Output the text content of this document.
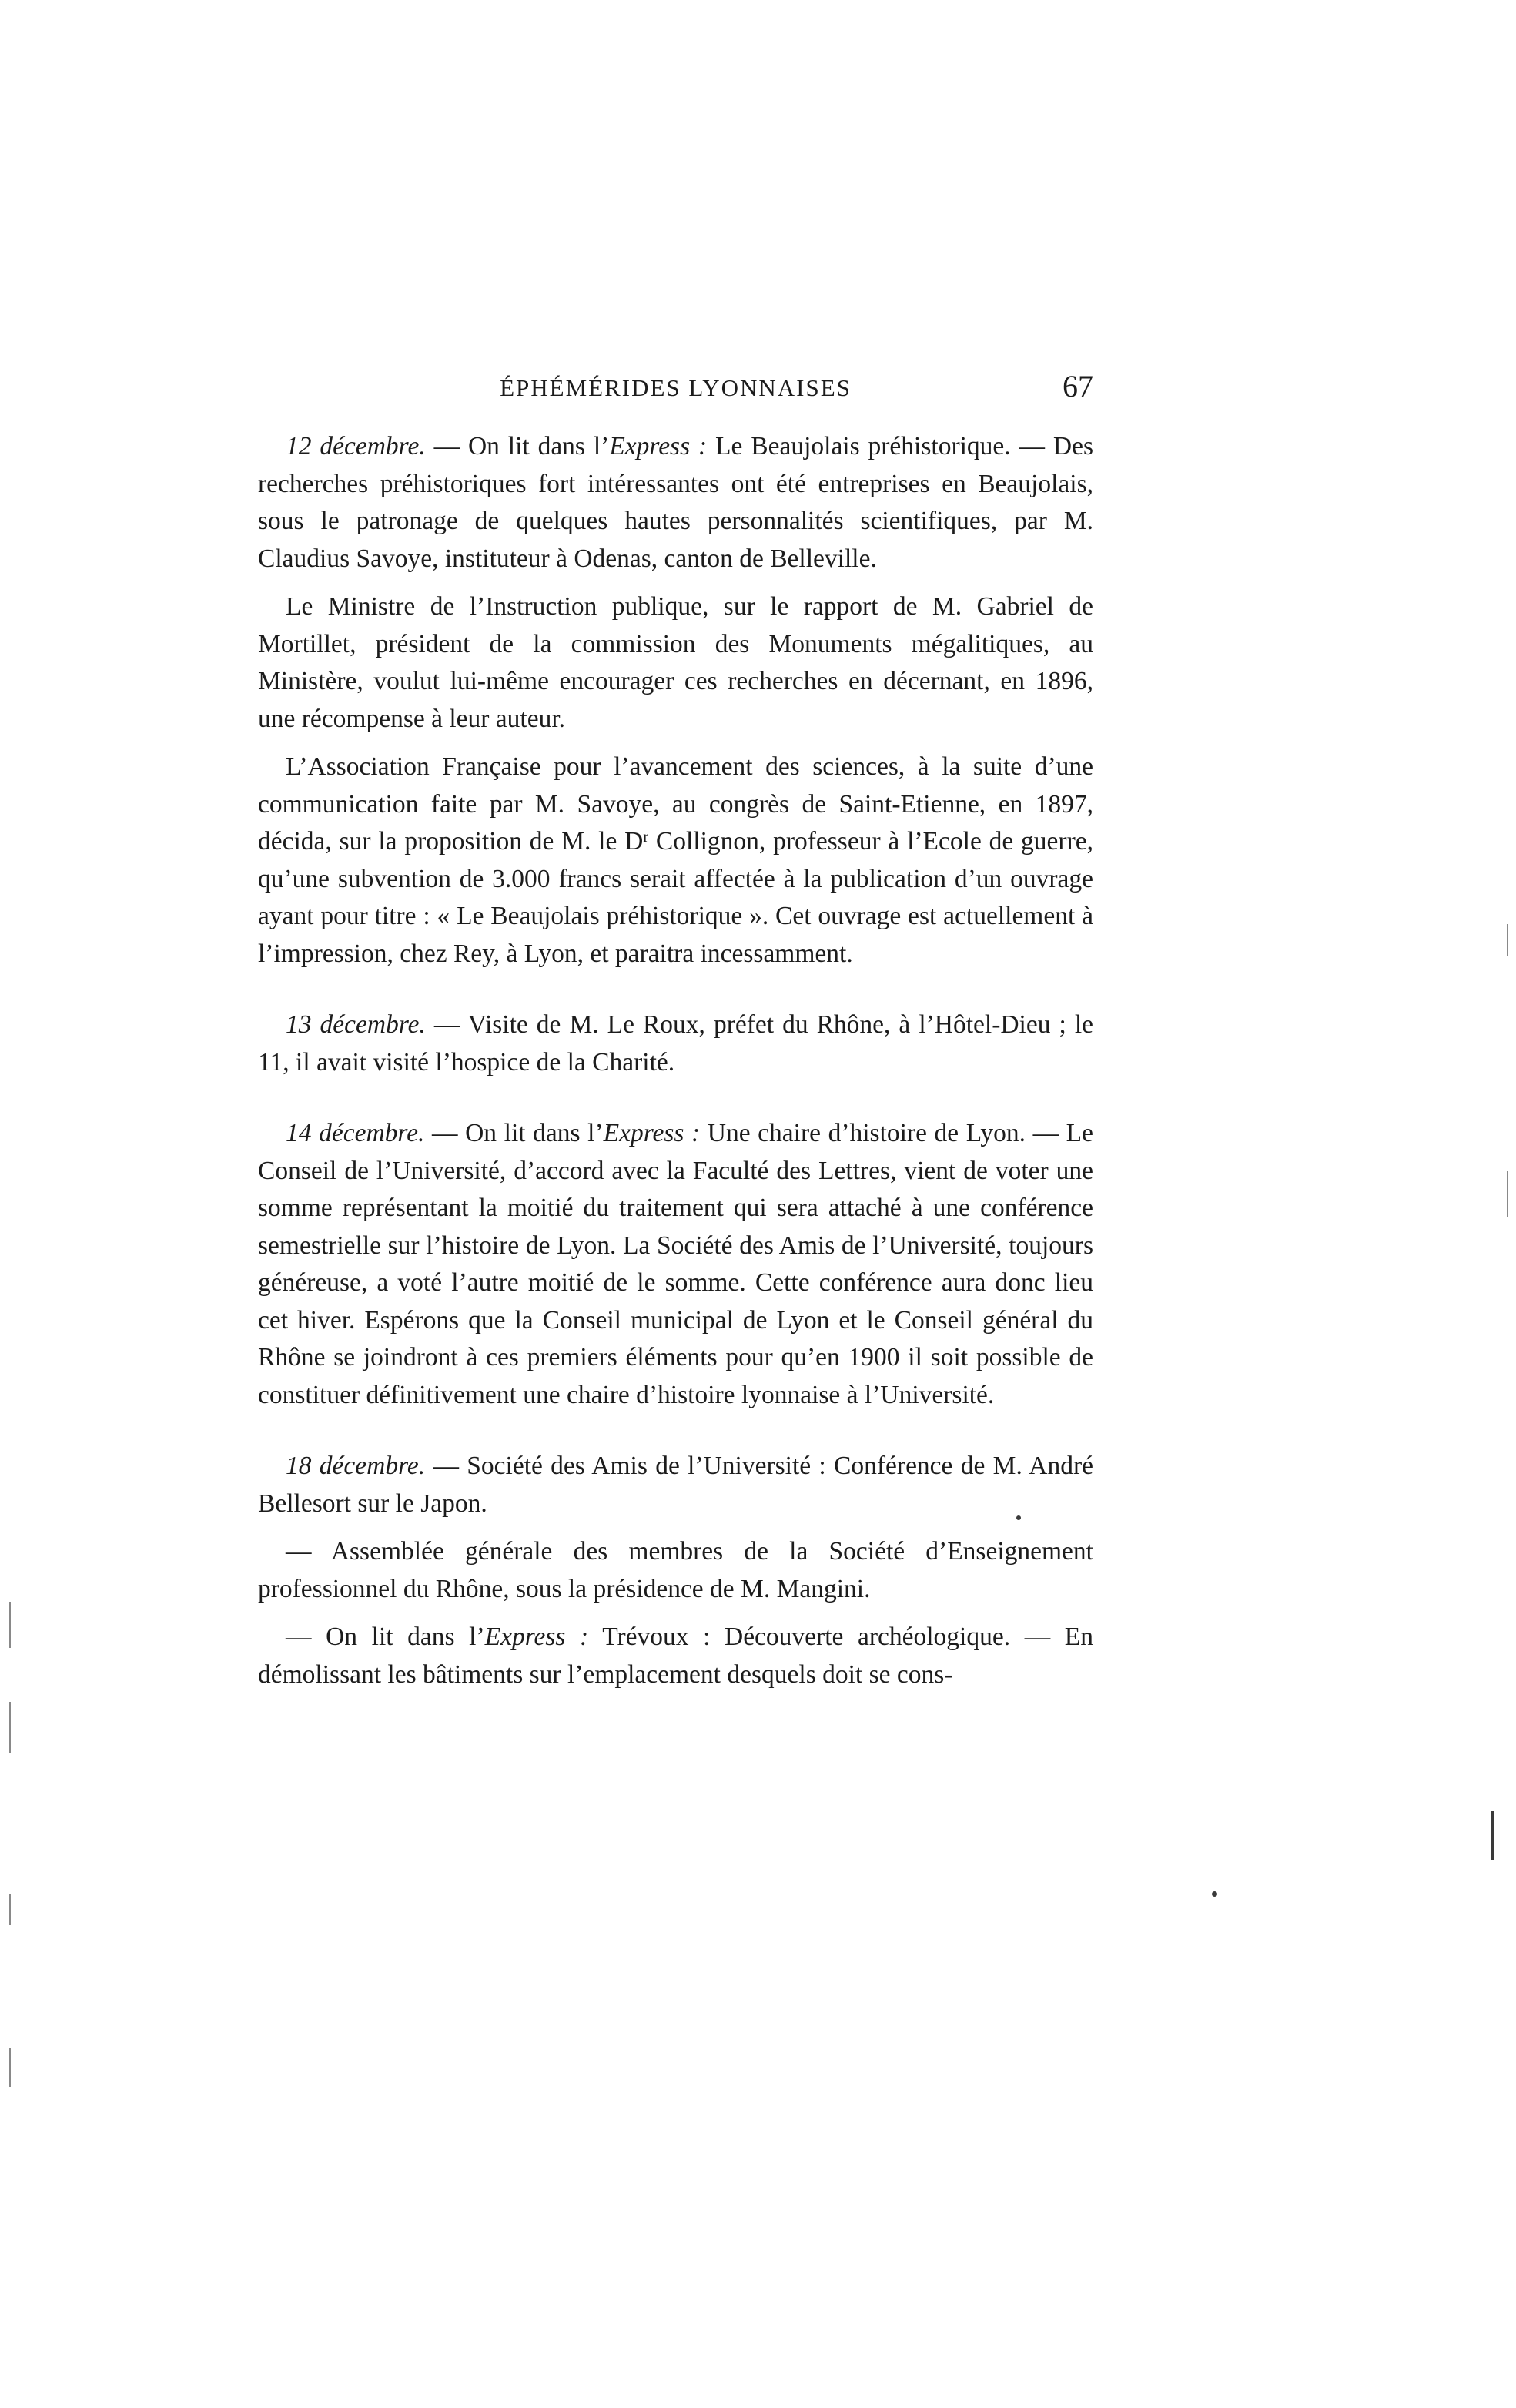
ÉPHÉMÉRIDES LYONNAISES	67

12 décembre. — On lit dans l’Express : Le Beaujolais préhistorique. — Des recherches préhistoriques fort intéressantes ont été entreprises en Beaujolais, sous le patronage de quelques hautes personnalités scientifiques, par M. Claudius Savoye, instituteur à Odenas, canton de Belleville.

Le Ministre de l’Instruction publique, sur le rapport de M. Gabriel de Mortillet, président de la commission des Monuments mégalitiques, au Ministère, voulut lui-même encourager ces recherches en décernant, en 1896, une récompense à leur auteur.

L’Association Française pour l’avancement des sciences, à la suite d’une communication faite par M. Savoye, au congrès de Saint-Etienne, en 1897, décida, sur la proposition de M. le $D^r$ Collignon, professeur à l’Ecole de guerre, qu’une subvention de 3.000 francs serait affectée à la publication d’un ouvrage ayant pour titre : « Le Beaujolais préhistorique ». Cet ouvrage est actuellement à l’impression, chez Rey, à Lyon, et paraitra incessamment.

13 décembre. — Visite de M. Le Roux, préfet du Rhône, à l’Hôtel-Dieu ; le 11, il avait visité l’hospice de la Charité.

14 décembre. — On lit dans l’Express : Une chaire d’histoire de Lyon. — Le Conseil de l’Université, d’accord avec la Faculté des Lettres, vient de voter une somme représentant la moitié du traitement qui sera attaché à une conférence semestrielle sur l’histoire de Lyon. La Société des Amis de l’Université, toujours généreuse, a voté l’autre moitié de le somme. Cette conférence aura donc lieu cet hiver. Espérons que la Conseil municipal de Lyon et le Conseil général du Rhône se joindront à ces premiers éléments pour qu’en 1900 il soit possible de constituer définitivement une chaire d’histoire lyonnaise à l’Université.

18 décembre. — Société des Amis de l’Université : Conférence de M. André Bellesort sur le Japon.

— Assemblée générale des membres de la Société d’Enseignement professionnel du Rhône, sous la présidence de M. Mangini.

— On lit dans l’Express : Trévoux : Découverte archéologique. — En démolissant les bâtiments sur l’emplacement desquels doit se cons-
